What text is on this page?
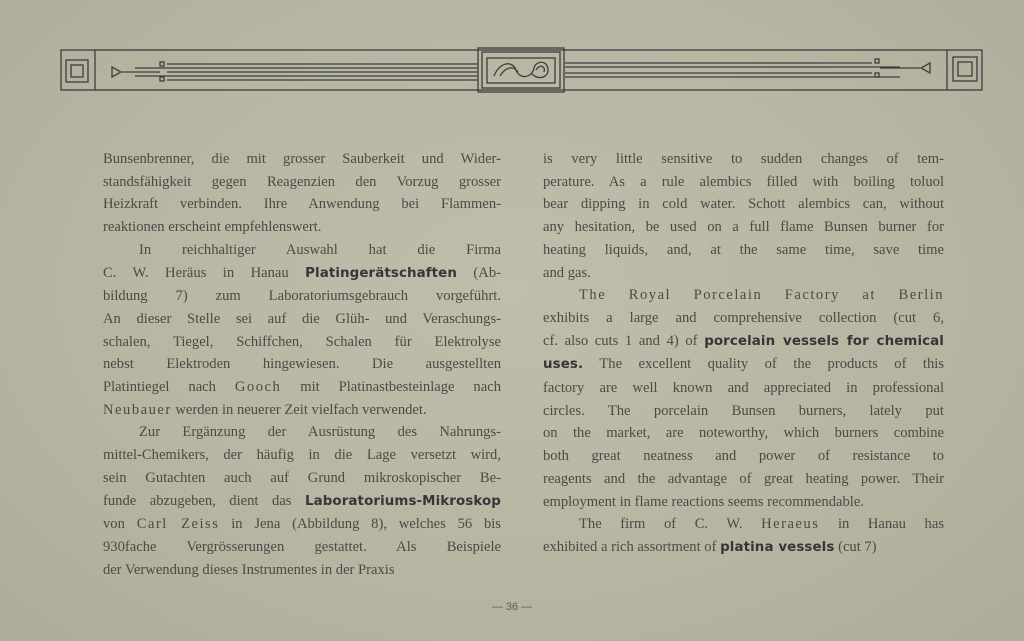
Bunsenbrenner, die mit grosser Sauberkeit und Wider-
standsfähigkeit gegen Reagenzien den Vorzug grosser
Heizkraft verbinden. Ihre Anwendung bei Flammen-
reaktionen erscheint empfehlenswert.
In reichhaltiger Auswahl hat die Firma
C. W. Heräus in Hanau Platingerätschaften (Ab-
bildung 7) zum Laboratoriumsgebrauch vorgeführt.
An dieser Stelle sei auf die Glüh- und Veraschungs-
schalen, Tiegel, Schiffchen, Schalen für Elektrolyse
nebst Elektroden hingewiesen. Die ausgestellten
Platintiegel nach Gooch mit Platinastbesteinlage nach
Neubauer werden in neuerer Zeit vielfach verwendet.
Zur Ergänzung der Ausrüstung des Nahrungs-
mittel-Chemikers, der häufig in die Lage versetzt wird,
sein Gutachten auch auf Grund mikroskopischer Be-
funde abzugeben, dient das Laboratoriums-Mikroskop
von Carl Zeiss in Jena (Abbildung 8), welches 56 bis
930fache Vergrösserungen gestattet. Als Beispiele
der Verwendung dieses Instrumentes in der Praxis
is very little sensitive to sudden changes of tem-
perature. As a rule alembics filled with boiling toluol
bear dipping in cold water. Schott alembics can, without
any hesitation, be used on a full flame Bunsen burner for
heating liquids, and, at the same time, save time
and gas.
The Royal Porcelain Factory at Berlin
exhibits a large and comprehensive collection (cut 6,
cf. also cuts 1 and 4) of porcelain vessels for chemical
uses. The excellent quality of the products of this
factory are well known and appreciated in professional
circles. The porcelain Bunsen burners, lately put
on the market, are noteworthy, which burners combine
both great neatness and power of resistance to
reagents and the advantage of great heating power. Their
employment in flame reactions seems recommendable.
The firm of C. W. Heraeus in Hanau has
exhibited a rich assortment of platina vessels (cut 7)
— 36 —
